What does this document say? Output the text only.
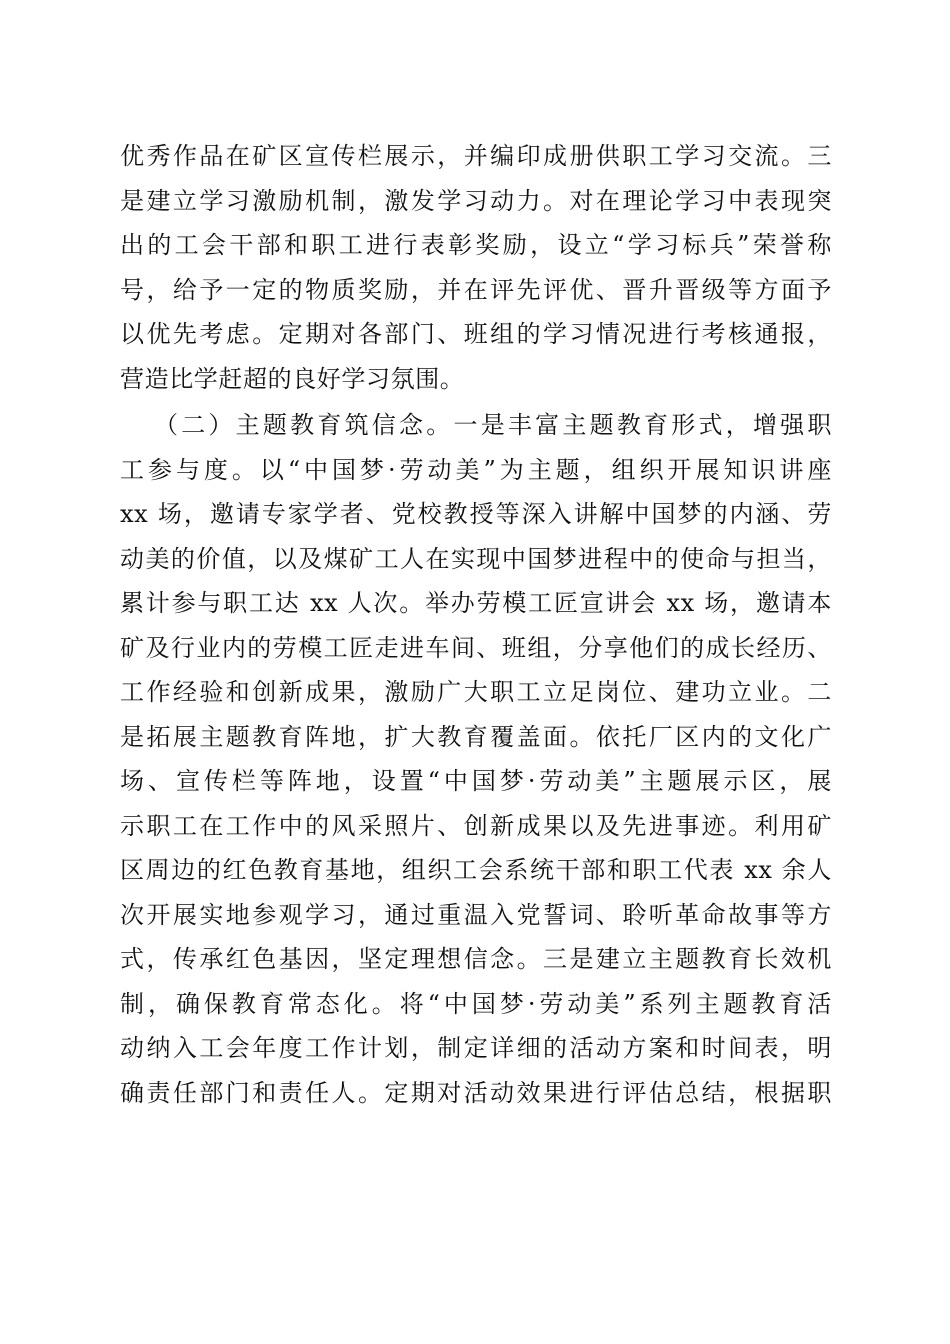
优秀作品在矿区宣传栏展示，并编印成册供职工学习交流。三
是建立学习激励机制，激发学习动力。对在理论学习中表现突
出的工会干部和职工进行表彰奖励，设立“学习标兵”荣誉称
号，给予一定的物质奖励，并在评先评优、晋升晋级等方面予
以优先考虑。定期对各部门、班组的学习情况进行考核通报，
营造比学赶超的良好学习氛围。
（二）主题教育筑信念。一是丰富主题教育形式，增强职
工参与度。以“中国梦·劳动美”为主题，组织开展知识讲座
xx 场，邀请专家学者、党校教授等深入讲解中国梦的内涵、劳
动美的价值，以及煤矿工人在实现中国梦进程中的使命与担当，
累计参与职工达 xx 人次。举办劳模工匠宣讲会 xx 场，邀请本
矿及行业内的劳模工匠走进车间、班组，分享他们的成长经历、
工作经验和创新成果，激励广大职工立足岗位、建功立业。二
是拓展主题教育阵地，扩大教育覆盖面。依托厂区内的文化广
场、宣传栏等阵地，设置“中国梦·劳动美”主题展示区，展
示职工在工作中的风采照片、创新成果以及先进事迹。利用矿
区周边的红色教育基地，组织工会系统干部和职工代表 xx 余人
次开展实地参观学习，通过重温入党誓词、聆听革命故事等方
式，传承红色基因，坚定理想信念。三是建立主题教育长效机
制，确保教育常态化。将“中国梦·劳动美”系列主题教育活
动纳入工会年度工作计划，制定详细的活动方案和时间表，明
确责任部门和责任人。定期对活动效果进行评估总结，根据职
